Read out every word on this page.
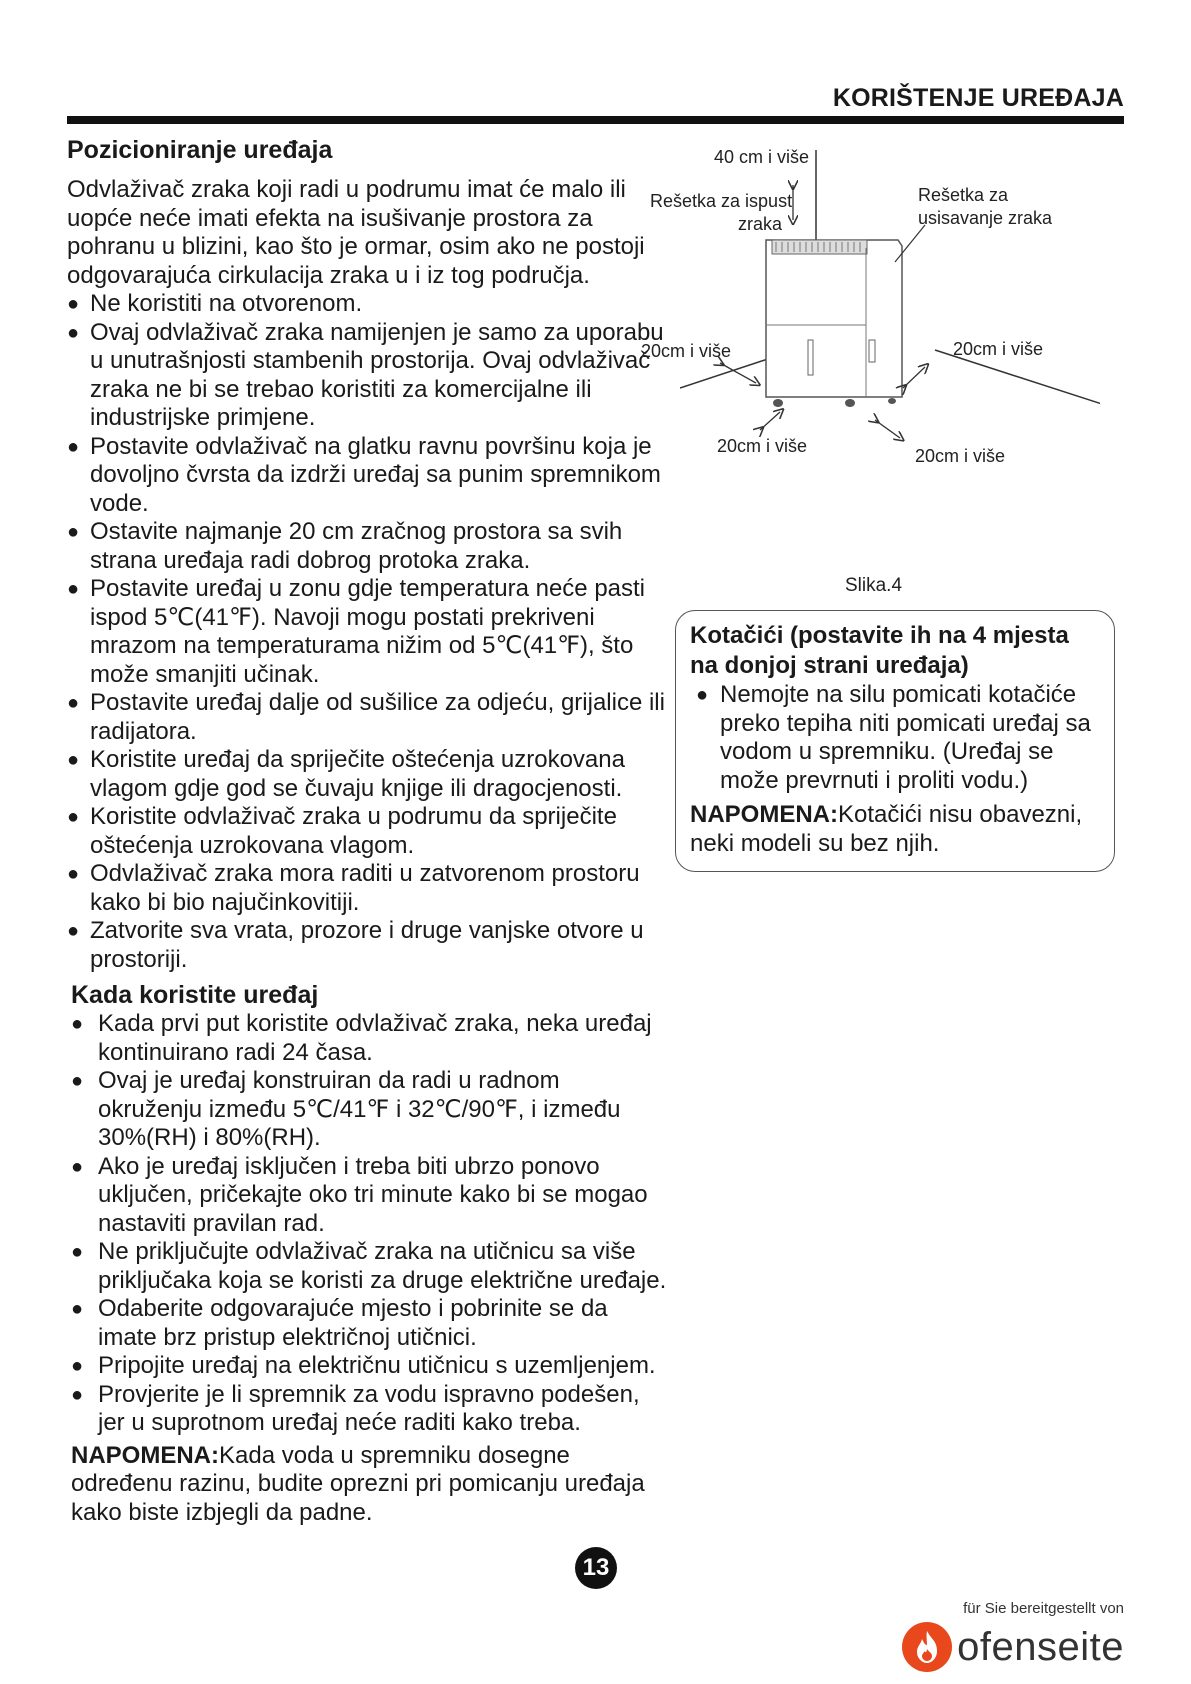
KORIŠTENJE UREĐAJA
Pozicioniranje uređaja

Odvlaživač zraka koji radi u podrumu imat će malo ili uopće neće imati efekta na isušivanje prostora za pohranu u blizini, kao što je ormar, osim ako ne postoji odgovarajuća cirkulacija zraka u i iz tog područja.

● Ne koristiti na otvorenom.
● Ovaj odvlaživač zraka namijenjen je samo za uporabu u unutrašnjosti stambenih prostorija. Ovaj odvlaživač zraka ne bi se trebao koristiti za komercijalne ili industrijske primjene.
● Postavite odvlaživač na glatku ravnu površinu koja je dovoljno čvrsta da izdrži uređaj sa punim spremnikom vode.
● Ostavite najmanje 20 cm zračnog prostora sa svih strana uređaja radi dobrog protoka zraka.
● Postavite uređaj u zonu gdje temperatura neće pasti ispod 5℃(41℉). Navoji mogu postati prekriveni mrazom na temperaturama nižim od 5℃(41℉), što može smanjiti učinak.
● Postavite uređaj dalje od sušilice za odjeću, grijalice ili radijatora.
● Koristite uređaj da spriječite oštećenja uzrokovana vlagom gdje god se čuvaju knjige ili dragocjenosti.
● Koristite odvlaživač zraka u podrumu da spriječite oštećenja uzrokovana vlagom.
● Odvlaživač zraka mora raditi u zatvorenom prostoru kako bi bio najučinkovitiji.
● Zatvorite sva vrata, prozore i druge vanjske otvore u prostoriji.
Kada koristite uređaj
● Kada prvi put koristite odvlaživač zraka, neka uređaj kontinuirano radi 24 časa.
● Ovaj je uređaj konstruiran da radi u radnom okruženju između 5℃/41℉ i 32℃/90℉, i između 30%(RH) i 80%(RH).
● Ako je uređaj isključen i treba biti ubrzo ponovo uključen, pričekajte oko tri minute kako bi se mogao nastaviti pravilan rad.
● Ne priključujte odvlaživač zraka na utičnicu sa više priključaka koja se koristi za druge električne uređaje.
● Odaberite odgovarajuće mjesto i pobrinite se da imate brz pristup električnoj utičnici.
● Pripojite uređaj na električnu utičnicu s uzemljenjem.
● Provjerite je li spremnik za vodu ispravno podešen, jer u suprotnom uređaj neće raditi kako treba.

NAPOMENA:Kada voda u spremniku dosegne određenu razinu, budite oprezni pri pomicanju uređaja kako biste izbjegli da padne.

40 cm i više
Rešetka za ispust
zraka
Rešetka za
usisavanje zraka
20cm i više	20cm i više
20cm i više	20cm i više
Slika.4
Kotačići (postavite ih na 4 mjesta na donjoj strani uređaja)
● Nemojte na silu pomicati kotačiće preko tepiha niti pomicati uređaj sa vodom u spremniku. (Uređaj se može prevrnuti i proliti vodu.)

NAPOMENA:Kotačići nisu obavezni, neki modeli su bez njih.

13
für Sie bereitgestellt von
ofenseite
